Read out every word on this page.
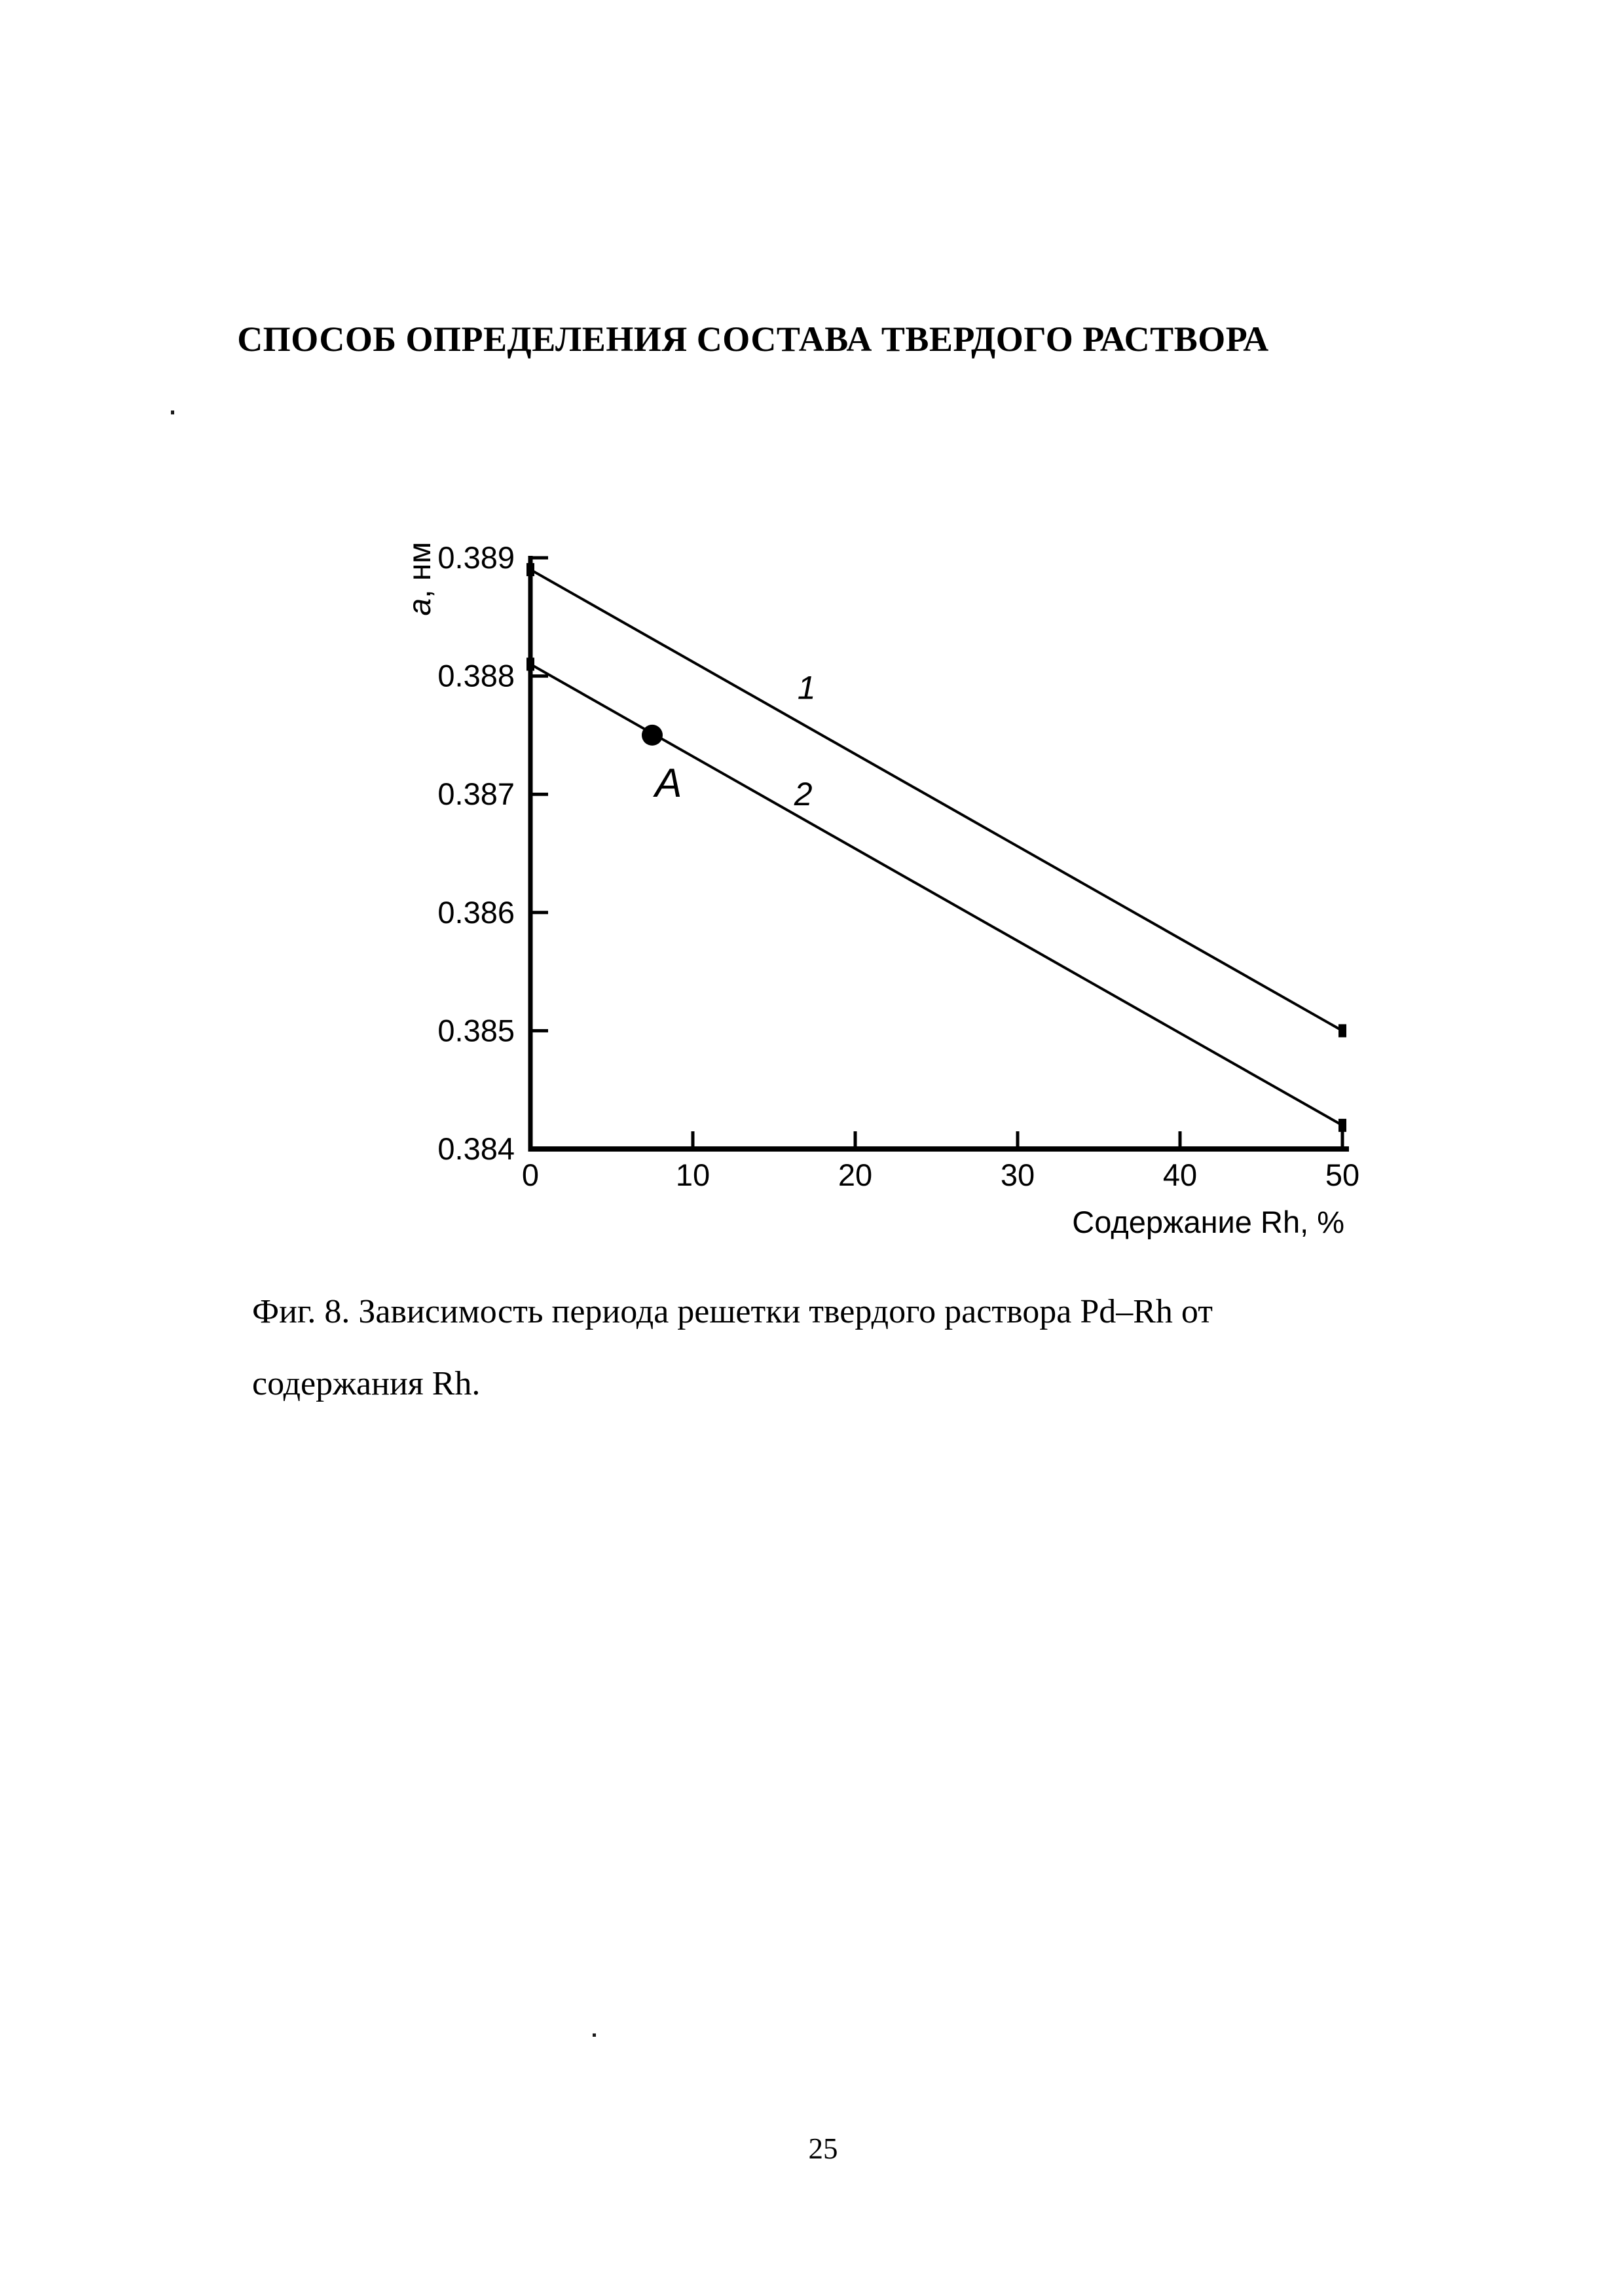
СПОСОБ ОПРЕДЕЛЕНИЯ СОСТАВА ТВЕРДОГО РАСТВОРА
0.384
0.385
0.386
0.387
0.388
0.389
0	10	20	30	40	50
1
2
A
Содержание Rh, %
a, нм
Фиг. 8. Зависимость периода решетки твердого раствора Pd–Rh от
содержания Rh.
25
